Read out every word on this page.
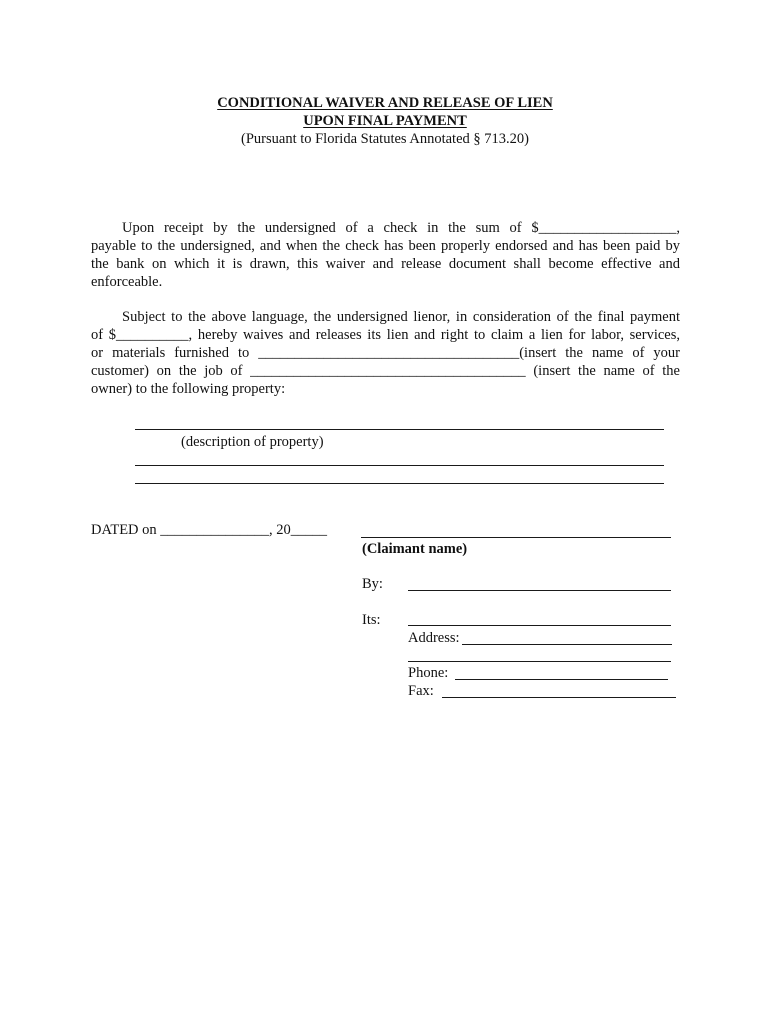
CONDITIONAL WAIVER AND RELEASE OF LIEN
UPON FINAL PAYMENT
(Pursuant to Florida Statutes Annotated § 713.20)
Upon receipt by the undersigned of a check in the sum of $___________________,
payable to the undersigned, and when the check has been properly endorsed and has been paid by
the bank on which it is drawn, this waiver and release document shall become effective and
enforceable.
Subject to the above language, the undersigned lienor, in consideration of the final payment
of $__________, hereby waives and releases its lien and right to claim a lien for labor, services,
or materials furnished to ____________________________________(insert the name of your
customer) on the job of ______________________________________ (insert the name of the
owner) to the following property:
(description of property)
DATED on _______________, 20_____
(Claimant name)
By:
Its:
Address:
Phone:
Fax:
